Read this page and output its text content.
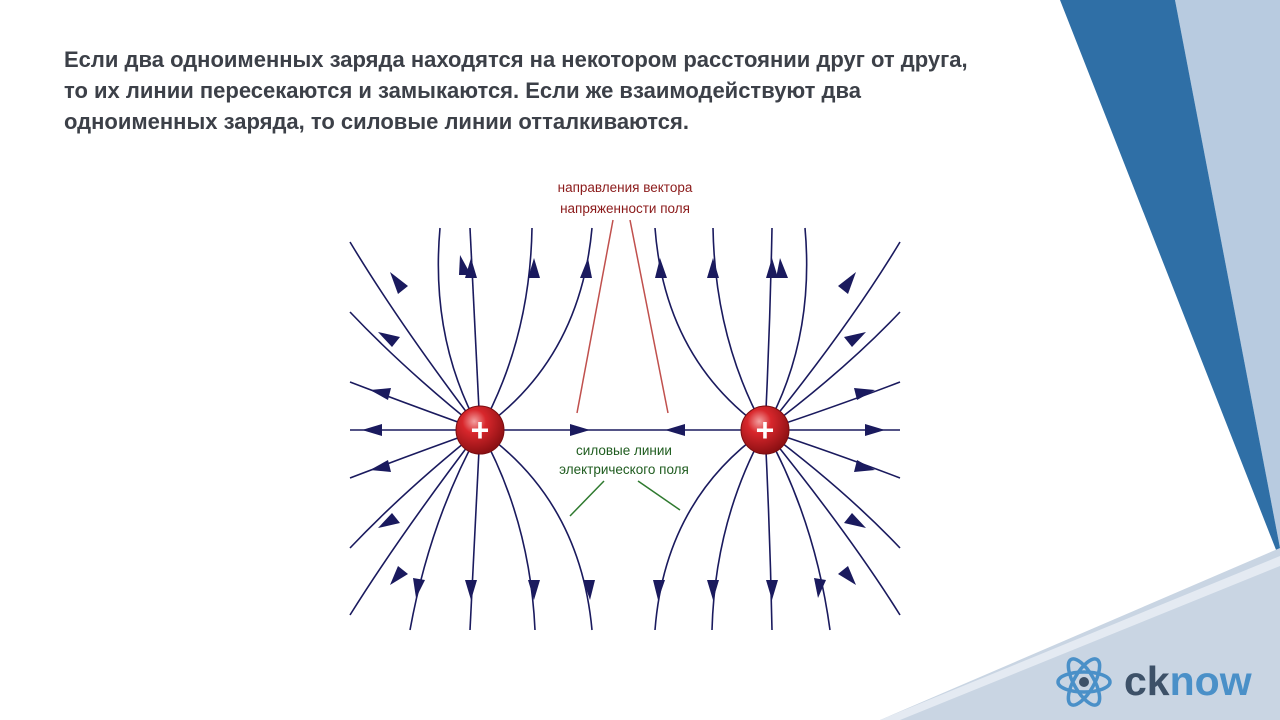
Если два одноименных заряда находятся на некотором расстоянии друг от друга,
то их линии пересекаются и замыкаются. Если же взаимодействуют два
одноименных заряда, то силовые линии отталкиваются.

+	+
направления вектора
напряженности поля
силовые линии
электрического поля
cknow
